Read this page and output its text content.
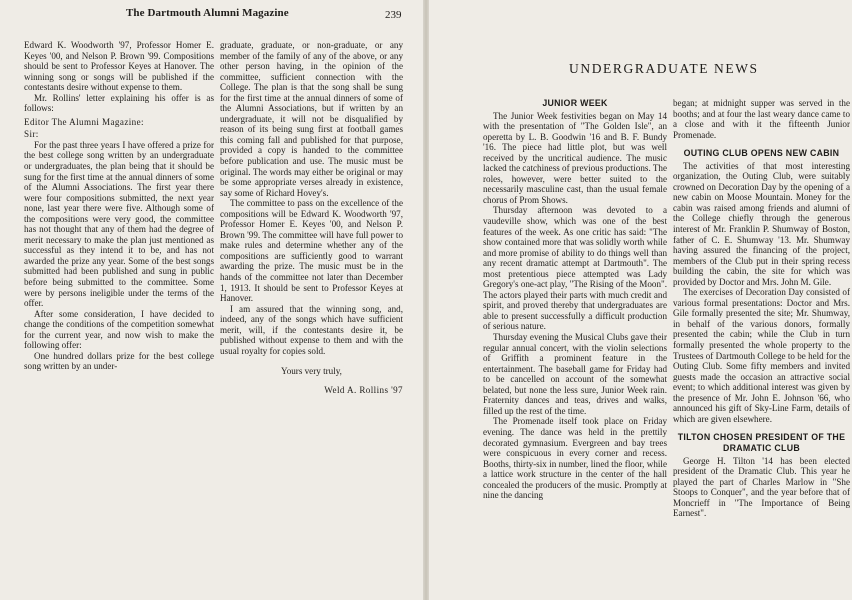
The Dartmouth Alumni Magazine	239

Edward K. Woodworth '97, Professor Homer E. Keyes '00, and Nelson P. Brown '99. Compositions should be sent to Professor Keyes at Hanover. The winning song or songs will be published if the contestants desire without expense to them.

Mr. Rollins' letter explaining his offer is as follows:

Editor The Alumni Magazine:

Sir:

For the past three years I have offered a prize for the best college song written by an undergraduate or undergraduates, the plan being that it should be sung for the first time at the annual dinners of some of the Alumni Associations. The first year there were four compositions submitted, the next year none, last year there were five. Although some of the compositions were very good, the committee has not thought that any of them had the degree of merit necessary to make the plan just mentioned as successful as they intend it to be, and has not awarded the prize any year. Some of the best songs submitted had been published and sung in public before being submitted to the committee. Some were by persons ineligible under the terms of the offer.

After some consideration, I have decided to change the conditions of the competition somewhat for the current year, and now wish to make the following offer:

One hundred dollars prize for the best college song written by an under-

graduate, graduate, or non-graduate, or any member of the family of any of the above, or any other person having, in the opinion of the committee, sufficient connection with the College. The plan is that the song shall be sung for the first time at the annual dinners of some of the Alumni Associations, but if written by an undergraduate, it will not be disqualified by reason of its being sung first at football games this coming fall and published for that purpose, provided a copy is handed to the committee before publication and use. The music must be original. The words may either be original or may be some appropriate verses already in existence, say some of Richard Hovey's.

The committee to pass on the excellence of the compositions will be Edward K. Woodworth '97, Professor Homer E. Keyes '00, and Nelson P. Brown '99. The committee will have full power to make rules and determine whether any of the compositions are sufficiently good to warrant awarding the prize. The music must be in the hands of the committee not later than December 1, 1913. It should be sent to Professor Keyes at Hanover.

I am assured that the winning song, and, indeed, any of the songs which have sufficient merit, will, if the contestants desire it, be published without expense to them and with the usual royalty for copies sold.

Yours very truly,

Weld A. Rollins '97

UNDERGRADUATE NEWS
JUNIOR WEEK

The Junior Week festivities began on May 14 with the presentation of "The Golden Isle", an operetta by L. B. Goodwin '16 and B. F. Bundy '16. The piece had little plot, but was well received by the uncritical audience. The music lacked the catchiness of previous productions. The roles, however, were better suited to the necessarily masculine cast, than the usual female chorus of Prom Shows.

Thursday afternoon was devoted to a vaudeville show, which was one of the best features of the week. As one critic has said: "The show contained more that was solidly worth while and more promise of ability to do things well than any recent dramatic attempt at Dartmouth". The most pretentious piece attempted was Lady Gregory's one-act play, "The Rising of the Moon". The actors played their parts with much credit and spirit, and proved thereby that undergraduates are able to present successfully a difficult production of serious nature.

Thursday evening the Musical Clubs gave their regular annual concert, with the violin selections of Griffith a prominent feature in the entertainment. The baseball game for Friday had to be cancelled on account of the somewhat belated, but none the less sure, Junior Week rain. Fraternity dances and teas, drives and walks, filled up the rest of the time.

The Promenade itself took place on Friday evening. The dance was held in the prettily decorated gymnasium. Evergreen and bay trees were conspicuous in every corner and recess. Booths, thirty-six in number, lined the floor, while a lattice work structure in the center of the hall concealed the producers of the music. Promptly at nine the dancing

began; at midnight supper was served in the booths; and at four the last weary dance came to a close and with it the fifteenth Junior Promenade.

OUTING CLUB OPENS NEW CABIN

The activities of that most interesting organization, the Outing Club, were suitably crowned on Decoration Day by the opening of a new cabin on Moose Mountain. Money for the cabin was raised among friends and alumni of the College chiefly through the generous interest of Mr. Franklin P. Shumway of Boston, father of C. E. Shumway '13. Mr. Shumway having assured the financing of the project, members of the Club put in their spring recess building the cabin, the site for which was provided by Doctor and Mrs. John M. Gile.

The exercises of Decoration Day consisted of various formal presentations: Doctor and Mrs. Gile formally presented the site; Mr. Shumway, in behalf of the various donors, formally presented the cabin; while the Club in turn formally presented the whole property to the Trustees of Dartmouth College to be held for the Outing Club. Some fifty members and invited guests made the occasion an attractive social event; to which additional interest was given by the presence of Mr. John E. Johnson '66, who announced his gift of Sky-Line Farm, details of which are given elsewhere.

TILTON CHOSEN PRESIDENT OF THE DRAMATIC CLUB

George H. Tilton '14 has been elected president of the Dramatic Club. This year he played the part of Charles Marlow in "She Stoops to Conquer", and the year before that of Moncrieff in "The Importance of Being Earnest".
